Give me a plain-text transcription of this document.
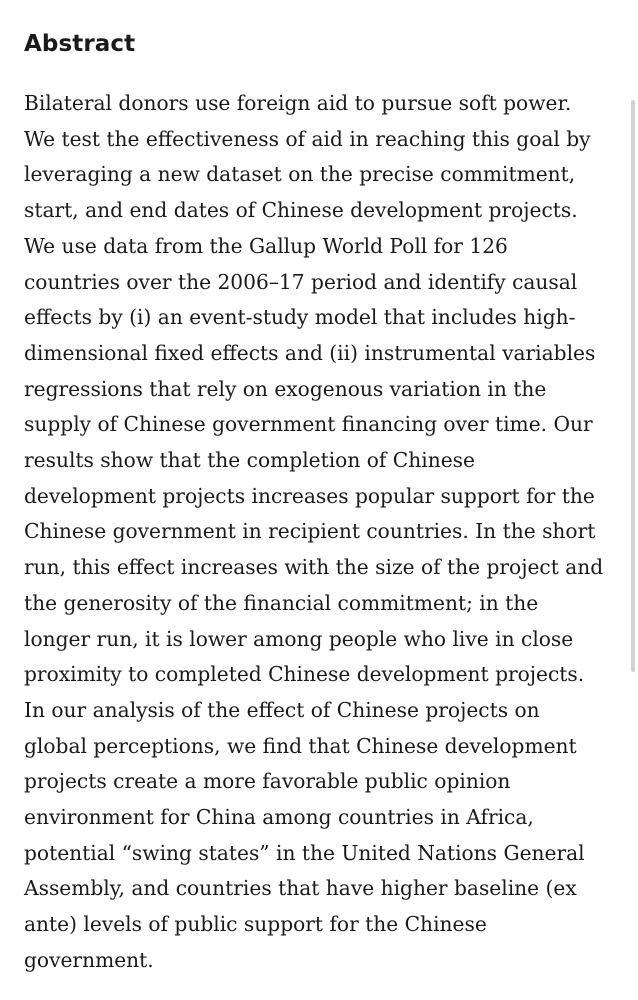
Abstract

Bilateral donors use foreign aid to pursue soft power.
We test the effectiveness of aid in reaching this goal by
leveraging a new dataset on the precise commitment,
start, and end dates of Chinese development projects.
We use data from the Gallup World Poll for 126
countries over the 2006–17 period and identify causal
effects by (i) an event-study model that includes high-
dimensional fixed effects and (ii) instrumental variables
regressions that rely on exogenous variation in the
supply of Chinese government financing over time. Our
results show that the completion of Chinese
development projects increases popular support for the
Chinese government in recipient countries. In the short
run, this effect increases with the size of the project and
the generosity of the financial commitment; in the
longer run, it is lower among people who live in close
proximity to completed Chinese development projects.
In our analysis of the effect of Chinese projects on
global perceptions, we find that Chinese development
projects create a more favorable public opinion
environment for China among countries in Africa,
potential “swing states” in the United Nations General
Assembly, and countries that have higher baseline (ex
ante) levels of public support for the Chinese
government.
